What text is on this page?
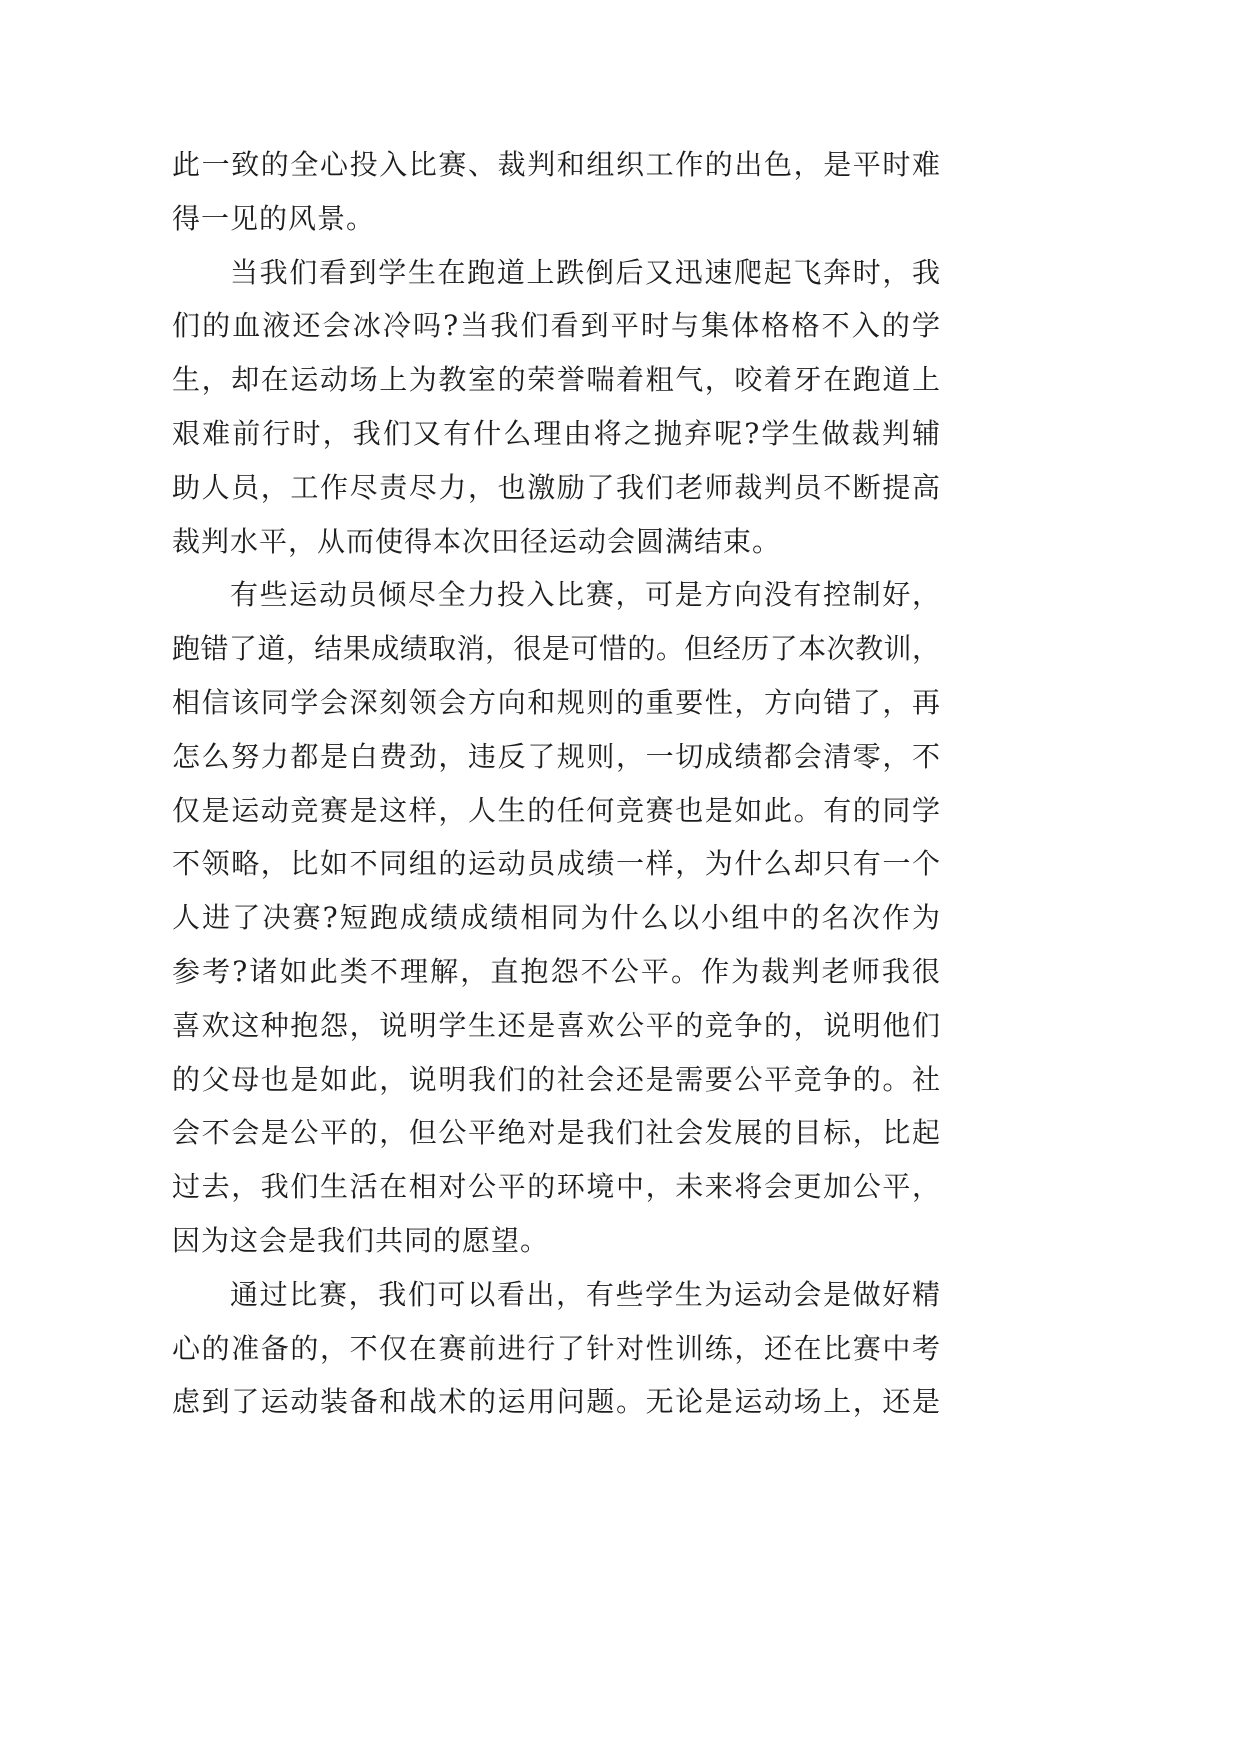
此一致的全心投入比赛、裁判和组织工作的出色，是平时难
得一见的风景。
当我们看到学生在跑道上跌倒后又迅速爬起飞奔时，我
们的血液还会冰冷吗?当我们看到平时与集体格格不入的学
生，却在运动场上为教室的荣誉喘着粗气，咬着牙在跑道上
艰难前行时，我们又有什么理由将之抛弃呢?学生做裁判辅
助人员，工作尽责尽力，也激励了我们老师裁判员不断提高
裁判水平，从而使得本次田径运动会圆满结束。
有些运动员倾尽全力投入比赛，可是方向没有控制好，
跑错了道，结果成绩取消，很是可惜的。但经历了本次教训，
相信该同学会深刻领会方向和规则的重要性，方向错了，再
怎么努力都是白费劲，违反了规则，一切成绩都会清零，不
仅是运动竞赛是这样，人生的任何竞赛也是如此。有的同学
不领略，比如不同组的运动员成绩一样，为什么却只有一个
人进了决赛?短跑成绩成绩相同为什么以小组中的名次作为
参考?诸如此类不理解，直抱怨不公平。作为裁判老师我很
喜欢这种抱怨，说明学生还是喜欢公平的竞争的，说明他们
的父母也是如此，说明我们的社会还是需要公平竞争的。社
会不会是公平的，但公平绝对是我们社会发展的目标，比起
过去，我们生活在相对公平的环境中，未来将会更加公平，
因为这会是我们共同的愿望。
通过比赛，我们可以看出，有些学生为运动会是做好精
心的准备的，不仅在赛前进行了针对性训练，还在比赛中考
虑到了运动装备和战术的运用问题。无论是运动场上，还是
